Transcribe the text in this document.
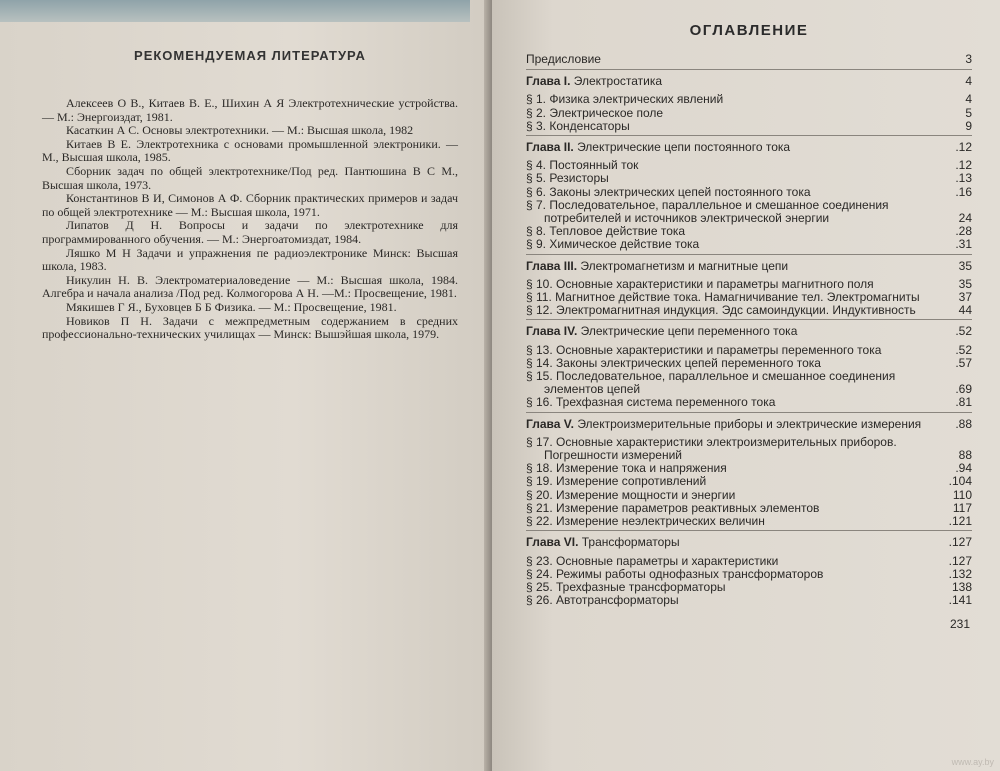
РЕКОМЕНДУЕМАЯ ЛИТЕРАТУРА

Алексеев О В., Китаев В. Е., Шихин А Я Электротехнические устройства. — М.: Энергоиздат, 1981.

Касаткин А С. Основы электротехники. — М.: Высшая школа, 1982

Китаев В Е. Электротехника с основами промышленной электроники. — М., Высшая школа, 1985.

Сборник задач по общей электротехнике/Под ред. Пантюшина В С М., Высшая школа, 1973.

Константинов В И, Симонов А Ф. Сборник практических примеров и задач по общей электротехнике — М.: Высшая школа, 1971.

Липатов Д Н. Вопросы и задачи по электротехнике для программированного обучения. — М.: Энергоатомиздат, 1984.

Ляшко М Н Задачи и упражнения пе радиоэлектронике Минск: Высшая школа, 1983.

Никулин Н. В. Электроматериаловедение — М.: Высшая школа, 1984. Алгебра и начала анализа /Под ред. Колмогорова А Н. —М.: Просвещение, 1981.

Мякишев Г Я., Буховцев Б Б Физика. — М.: Просвещение, 1981.

Новиков П Н. Задачи с межпредметным содержанием в средних профессионально-технических училищах — Минск: Вышэйшая школа, 1979.

ОГЛАВЛЕНИЕ
Предисловие	3
Глава I. Электростатика	4
§ 1. Физика электрических явлений	4
§ 2. Электрическое поле	5
§ 3. Конденсаторы	9
Глава II. Электрические цепи постоянного тока	.12
§ 4. Постоянный ток	.12
§ 5. Резисторы	.13
§ 6. Законы электрических цепей постоянного тока	.16
§ 7. Последовательное, параллельное и смешанное соединения потребителей и источников электрической энергии	24
§ 8. Тепловое действие тока	.28
§ 9. Химическое действие тока	.31
Глава III. Электромагнетизм и магнитные цепи	35
§ 10. Основные характеристики и параметры магнитного поля	35
§ 11. Магнитное действие тока. Намагничивание тел. Электромагниты	37
§ 12. Электромагнитная индукция. Эдс самоиндукции. Индуктивность	44
Глава IV. Электрические цепи переменного тока	.52
§ 13. Основные характеристики и параметры переменного тока	.52
§ 14. Законы электрических цепей переменного тока	.57
§ 15. Последовательное, параллельное и смешанное соединения элементов цепей	.69
§ 16. Трехфазная система переменного тока	.81
Глава V. Электроизмерительные приборы и электрические измерения	.88
§ 17. Основные характеристики электроизмерительных приборов. Погрешности измерений	88
§ 18. Измерение тока и напряжения	.94
§ 19. Измерение сопротивлений	.104
§ 20. Измерение мощности и энергии	110
§ 21. Измерение параметров реактивных элементов	117
§ 22. Измерение неэлектрических величин	.121
Глава VI. Трансформаторы	.127
§ 23. Основные параметры и характеристики	.127
§ 24. Режимы работы однофазных трансформаторов	.132
§ 25. Трехфазные трансформаторы	138
§ 26. Автотрансформаторы	.141
231
www.ay.by
